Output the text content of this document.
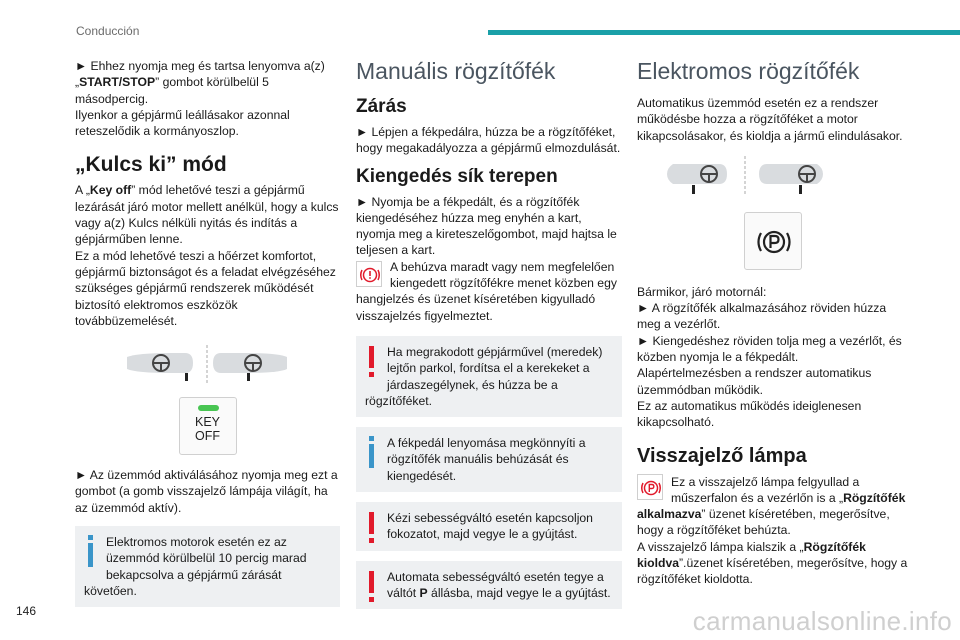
Conducción

► Ehhez nyomja meg és tartsa lenyomva a(z) „START/STOP” gombot körülbelül 5 másodpercig.

Ilyenkor a gépjármű leállásakor azonnal reteszelődik a kormányoszlop.

„Kulcs ki” mód

A „Key off” mód lehetővé teszi a gépjármű lezárását járó motor mellett anélkül, hogy a kulcs vagy a(z) Kulcs nélküli nyitás és indítás a gépjárműben lenne.

Ez a mód lehetővé teszi a hőérzet komfortot, gépjármű biztonságot és a feladat elvégzéséhez szükséges gépjármű rendszerek működését biztosító elektromos eszközök továbbüzemelését.

KEY OFF

► Az üzemmód aktiválásához nyomja meg ezt a gombot (a gomb visszajelző lámpája világít, ha az üzemmód aktív).

Elektromos motorok esetén ez az üzemmód körülbelül 10 percig marad bekapcsolva a gépjármű zárását követően.
Manuális rögzítőfék
Zárás

► Lépjen a fékpedálra, húzza be a rögzítőféket, hogy megakadályozza a gépjármű elmozdulását.

Kiengedés sík terepen

► Nyomja be a fékpedált, és a rögzítőfék kiengedéséhez húzza meg enyhén a kart, nyomja meg a kireteszelőgombot, majd hajtsa le teljesen a kart.

A behúzva maradt vagy nem megfelelően kiengedett rögzítőfékre menet közben egy hangjelzés és üzenet kíséretében kigyulladó visszajelzés figyelmeztet.
Ha megrakodott gépjárművel (meredek) lejtőn parkol, fordítsa el a kerekeket a járdaszegélynek, és húzza be a rögzítőféket.
A fékpedál lenyomása megkönnyíti a rögzítőfék manuális behúzását és kiengedését.
Kézi sebességváltó esetén kapcsoljon fokozatot, majd vegye le a gyújtást.
Automata sebességváltó esetén tegye a váltót P állásba, majd vegye le a gyújtást.
Elektromos rögzítőfék

Automatikus üzemmód esetén ez a rendszer működésbe hozza a rögzítőféket a motor kikapcsolásakor, és kioldja a jármű elindulásakor.

Bármikor, járó motornál:

► A rögzítőfék alkalmazásához röviden húzza meg a vezérlőt.

► Kiengedéshez röviden tolja meg a vezérlőt, és közben nyomja le a fékpedált.

Alapértelmezésben a rendszer automatikus üzemmódban működik.

Ez az automatikus működés ideiglenesen kikapcsolható.

Visszajelző lámpa

Ez a visszajelző lámpa felgyullad a műszerfalon és a vezérlőn is a „Rögzítőfék alkalmazva” üzenet kíséretében, megerősítve, hogy a rögzítőféket behúzta.

A visszajelző lámpa kialszik a „Rögzítőfék kioldva”.üzenet kíséretében, megerősítve, hogy a rögzítőféket kioldotta.

146	carmanualsonline.info
